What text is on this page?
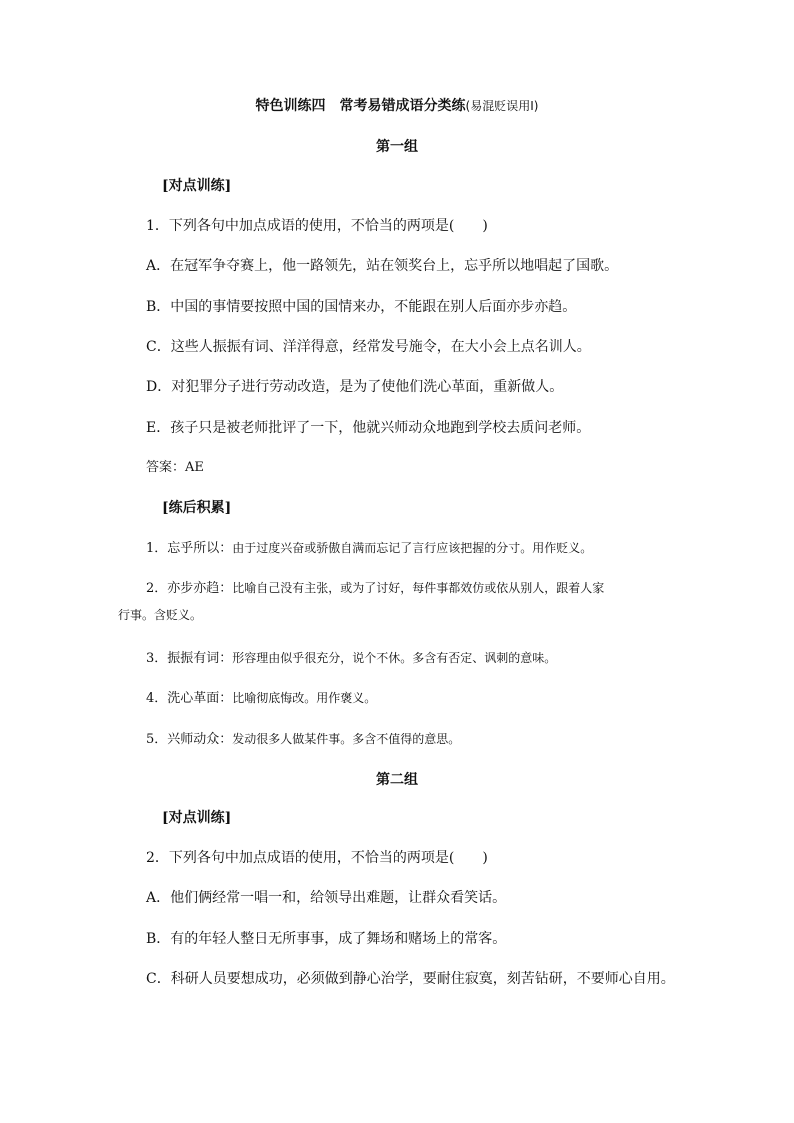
特色训练四　常考易错成语分类练(易混贬误用Ⅰ)
第一组
[对点训练]
1．下列各句中加点成语的使用，不恰当的两项是(　　)
A．在冠军争夺赛上，他一路领先，站在领奖台上，忘乎所以地唱起了国歌。
B．中国的事情要按照中国的国情来办，不能跟在别人后面亦步亦趋。
C．这些人振振有词、洋洋得意，经常发号施令，在大小会上点名训人。
D．对犯罪分子进行劳动改造，是为了使他们洗心革面，重新做人。
E．孩子只是被老师批评了一下，他就兴师动众地跑到学校去质问老师。
答案：AE
[练后积累]
1．忘乎所以：由于过度兴奋或骄傲自满而忘记了言行应该把握的分寸。用作贬义。
2．亦步亦趋：比喻自己没有主张，或为了讨好，每件事都效仿或依从别人，跟着人家
行事。含贬义。
3．振振有词：形容理由似乎很充分，说个不休。多含有否定、讽刺的意味。
4．洗心革面：比喻彻底悔改。用作褒义。
5．兴师动众：发动很多人做某件事。多含不值得的意思。
第二组
[对点训练]
2．下列各句中加点成语的使用，不恰当的两项是(　　)
A．他们俩经常一唱一和，给领导出难题，让群众看笑话。
B．有的年轻人整日无所事事，成了舞场和赌场上的常客。
C．科研人员要想成功，必须做到静心治学，要耐住寂寞，刻苦钻研，不要师心自用。
